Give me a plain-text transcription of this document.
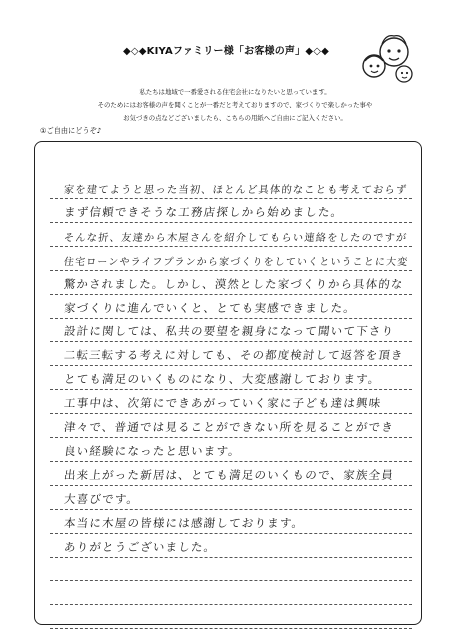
◆◇◆KIYAファミリー様「お客様の声」◆◇◆
私たちは地域で一番愛される住宅会社になりたいと思っています。
そのためにはお客様の声を聞くことが一番だと考えておりますので、家づくりで楽しかった事や
お気づきの点などございましたら、こちらの用紙へご自由にご記入ください。
①ご自由にどうぞ♪
家を建てようと思った当初、ほとんど具体的なことも考えておらず
まず信頼できそうな工務店探しから始めました。
そんな折、友達から木屋さんを紹介してもらい連絡をしたのですが
住宅ローンやライフプランから家づくりをしていくということに大変
驚かされました。しかし、漠然とした家づくりから具体的な
家づくりに進んでいくと、とても実感できました。
設計に関しては、私共の要望を親身になって聞いて下さり
二転三転する考えに対しても、その都度検討して返答を頂き
とても満足のいくものになり、大変感謝しております。
工事中は、次第にできあがっていく家に子ども達は興味
津々で、普通では見ることができない所を見ることができ
良い経験になったと思います。
出来上がった新居は、とても満足のいくもので、家族全員
大喜びです。
本当に木屋の皆様には感謝しております。
ありがとうございました。
